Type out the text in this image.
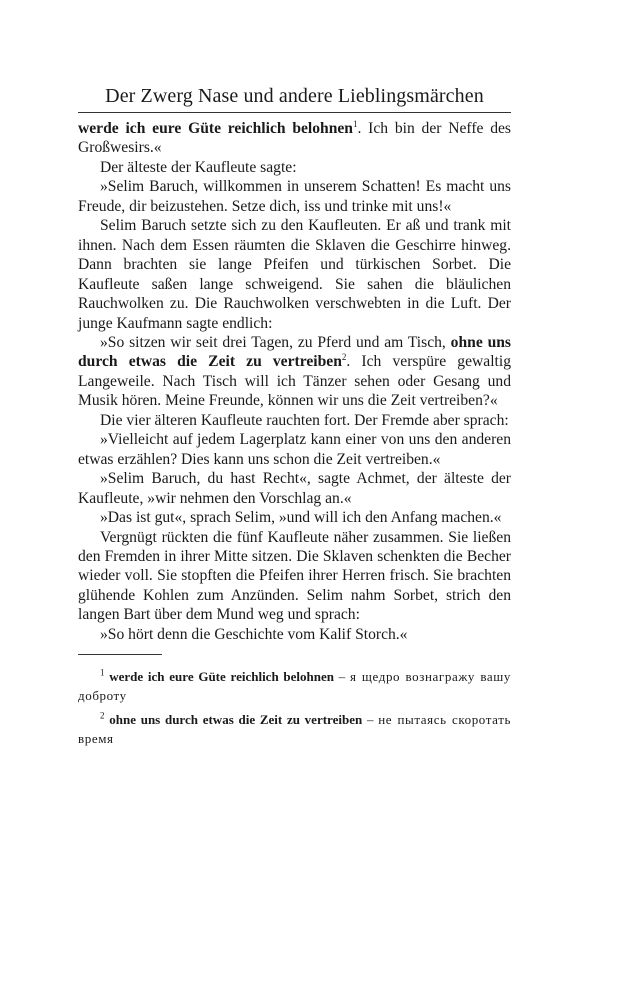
Der Zwerg Nase und andere Lieblingsmärchen

werde ich eure Güte reichlich belohnen$^1$. Ich bin der Neffe des Großwesirs.«

Der älteste der Kaufleute sagte:

»Selim Baruch, willkommen in unserem Schatten! Es macht uns Freude, dir beizustehen. Setze dich, iss und trinke mit uns!«

Selim Baruch setzte sich zu den Kaufleuten. Er aß und trank mit ihnen. Nach dem Essen räumten die Sklaven die Geschirre hinweg. Dann brachten sie lange Pfeifen und türkischen Sorbet. Die Kaufleute saßen lange schweigend. Sie sahen die bläulichen Rauchwolken zu. Die Rauchwolken verschwebten in die Luft. Der junge Kaufmann sagte endlich:

»So sitzen wir seit drei Tagen, zu Pferd und am Tisch, ohne uns durch etwas die Zeit zu vertreiben$^2$. Ich verspüre gewaltig Langeweile. Nach Tisch will ich Tänzer sehen oder Gesang und Musik hören. Meine Freunde, können wir uns die Zeit vertreiben?«

Die vier älteren Kaufleute rauchten fort. Der Fremde aber sprach:

»Vielleicht auf jedem Lagerplatz kann einer von uns den anderen etwas erzählen? Dies kann uns schon die Zeit vertreiben.«

»Selim Baruch, du hast Recht«, sagte Achmet, der älteste der Kaufleute, »wir nehmen den Vorschlag an.«

»Das ist gut«, sprach Selim, »und will ich den Anfang machen.«

Vergnügt rückten die fünf Kaufleute näher zusammen. Sie ließen den Fremden in ihrer Mitte sitzen. Die Sklaven schenkten die Becher wieder voll. Sie stopften die Pfeifen ihrer Herren frisch. Sie brachten glühende Kohlen zum Anzünden. Selim nahm Sorbet, strich den langen Bart über dem Mund weg und sprach:

»So hört denn die Geschichte vom Kalif Storch.«

$^1$ werde ich eure Güte reichlich belohnen – я щедро вознагражу вашу доброту

$^2$ ohne uns durch etwas die Zeit zu vertreiben – не пытаясь скоротать время
